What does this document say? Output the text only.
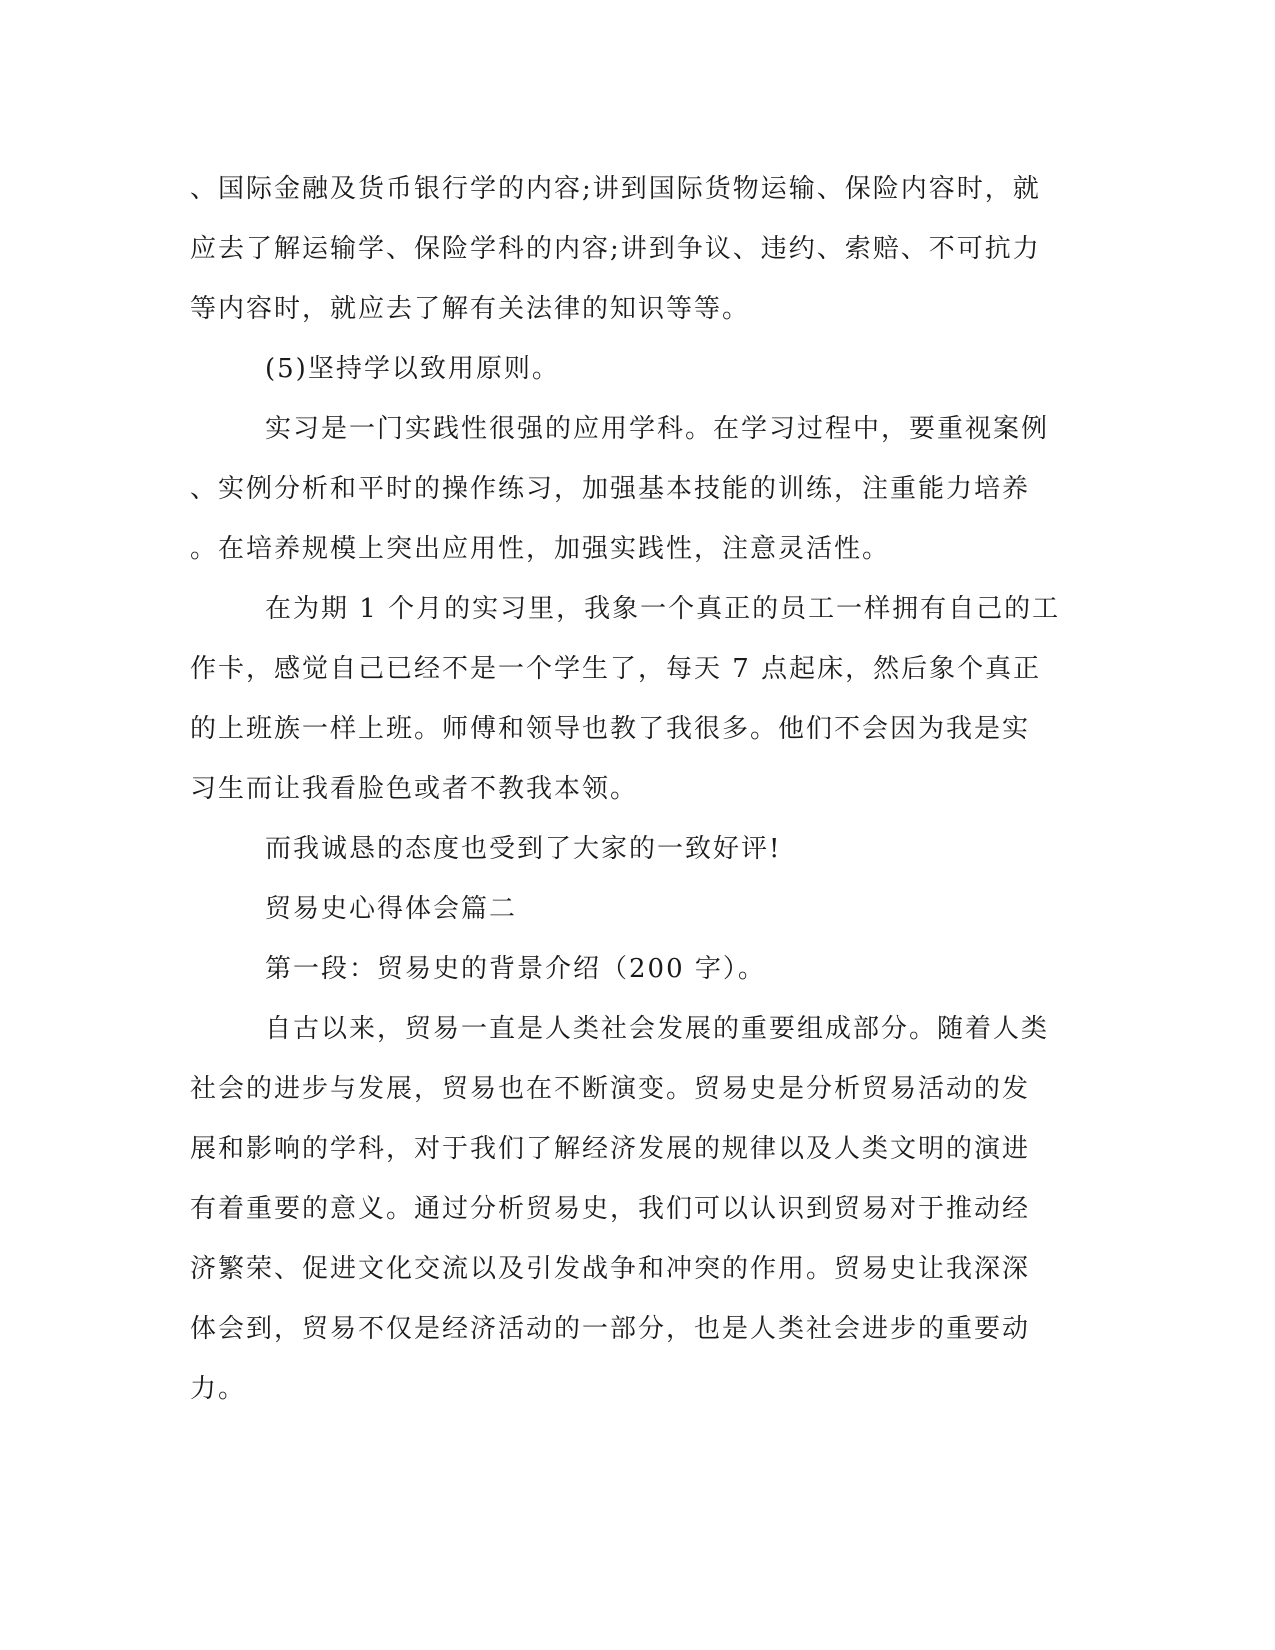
、国际金融及货币银行学的内容;讲到国际货物运输、保险内容时，就
应去了解运输学、保险学科的内容;讲到争议、违约、索赔、不可抗力
等内容时，就应去了解有关法律的知识等等。
(5)坚持学以致用原则。
实习是一门实践性很强的应用学科。在学习过程中，要重视案例
、实例分析和平时的操作练习，加强基本技能的训练，注重能力培养
。在培养规模上突出应用性，加强实践性，注意灵活性。
在为期 1 个月的实习里，我象一个真正的员工一样拥有自己的工
作卡，感觉自己已经不是一个学生了，每天 7 点起床，然后象个真正
的上班族一样上班。师傅和领导也教了我很多。他们不会因为我是实
习生而让我看脸色或者不教我本领。
而我诚恳的态度也受到了大家的一致好评!
贸易史心得体会篇二
第一段：贸易史的背景介绍（200 字）。
自古以来，贸易一直是人类社会发展的重要组成部分。随着人类
社会的进步与发展，贸易也在不断演变。贸易史是分析贸易活动的发
展和影响的学科，对于我们了解经济发展的规律以及人类文明的演进
有着重要的意义。通过分析贸易史，我们可以认识到贸易对于推动经
济繁荣、促进文化交流以及引发战争和冲突的作用。贸易史让我深深
体会到，贸易不仅是经济活动的一部分，也是人类社会进步的重要动
力。
